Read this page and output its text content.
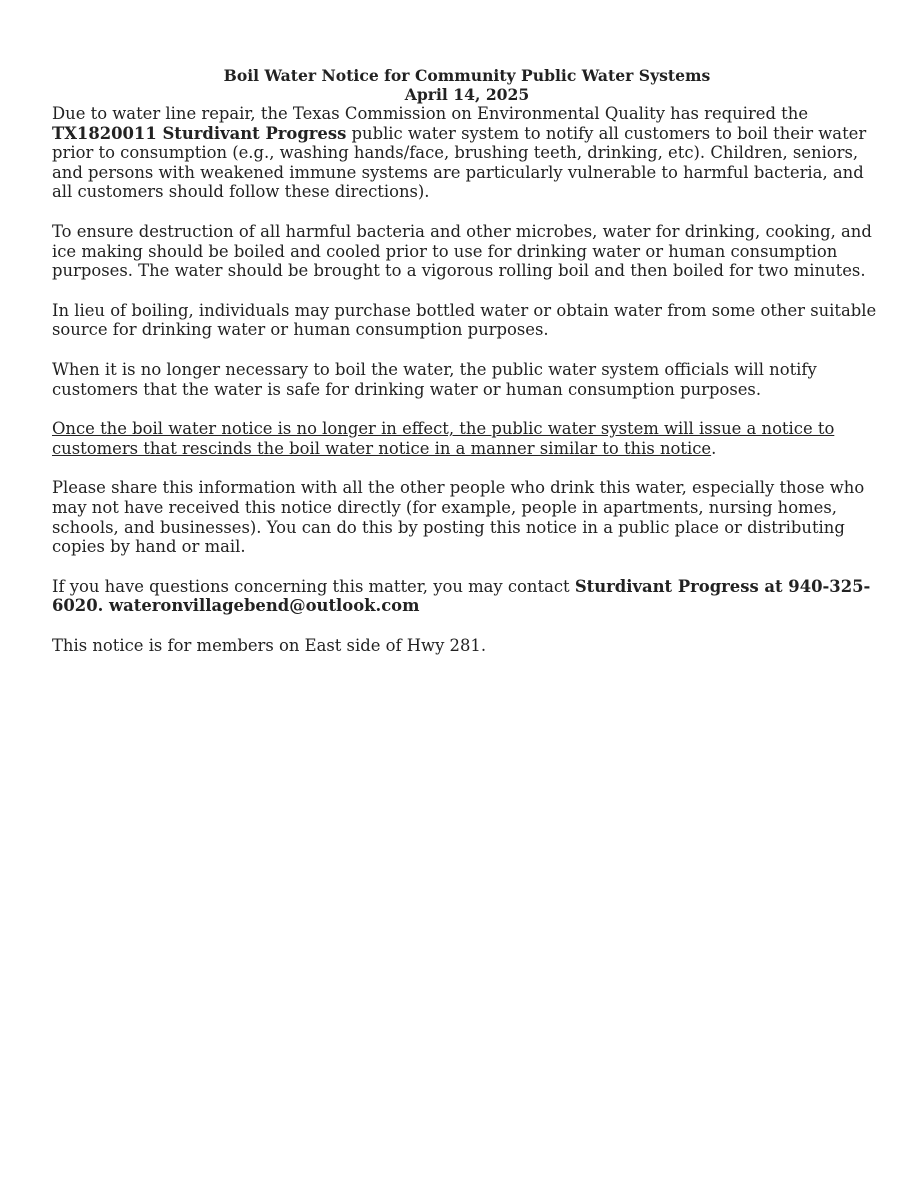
Boil Water Notice for Community Public Water Systems
April 14, 2025

Due to water line repair, the Texas Commission on Environmental Quality has required the TX1820011 Sturdivant Progress public water system to notify all customers to boil their water prior to consumption (e.g., washing hands/face, brushing teeth, drinking, etc). Children, seniors, and persons with weakened immune systems are particularly vulnerable to harmful bacteria, and all customers should follow these directions).

To ensure destruction of all harmful bacteria and other microbes, water for drinking, cooking, and ice making should be boiled and cooled prior to use for drinking water or human consumption purposes. The water should be brought to a vigorous rolling boil and then boiled for two minutes.

In lieu of boiling, individuals may purchase bottled water or obtain water from some other suitable source for drinking water or human consumption purposes.

When it is no longer necessary to boil the water, the public water system officials will notify customers that the water is safe for drinking water or human consumption purposes.

Once the boil water notice is no longer in effect, the public water system will issue a notice to customers that rescinds the boil water notice in a manner similar to this notice.

Please share this information with all the other people who drink this water, especially those who may not have received this notice directly (for example, people in apartments, nursing homes, schools, and businesses). You can do this by posting this notice in a public place or distributing copies by hand or mail.

If you have questions concerning this matter, you may contact Sturdivant Progress at 940-325-6020. wateronvillagebend@outlook.com

This notice is for members on East side of Hwy 281.
